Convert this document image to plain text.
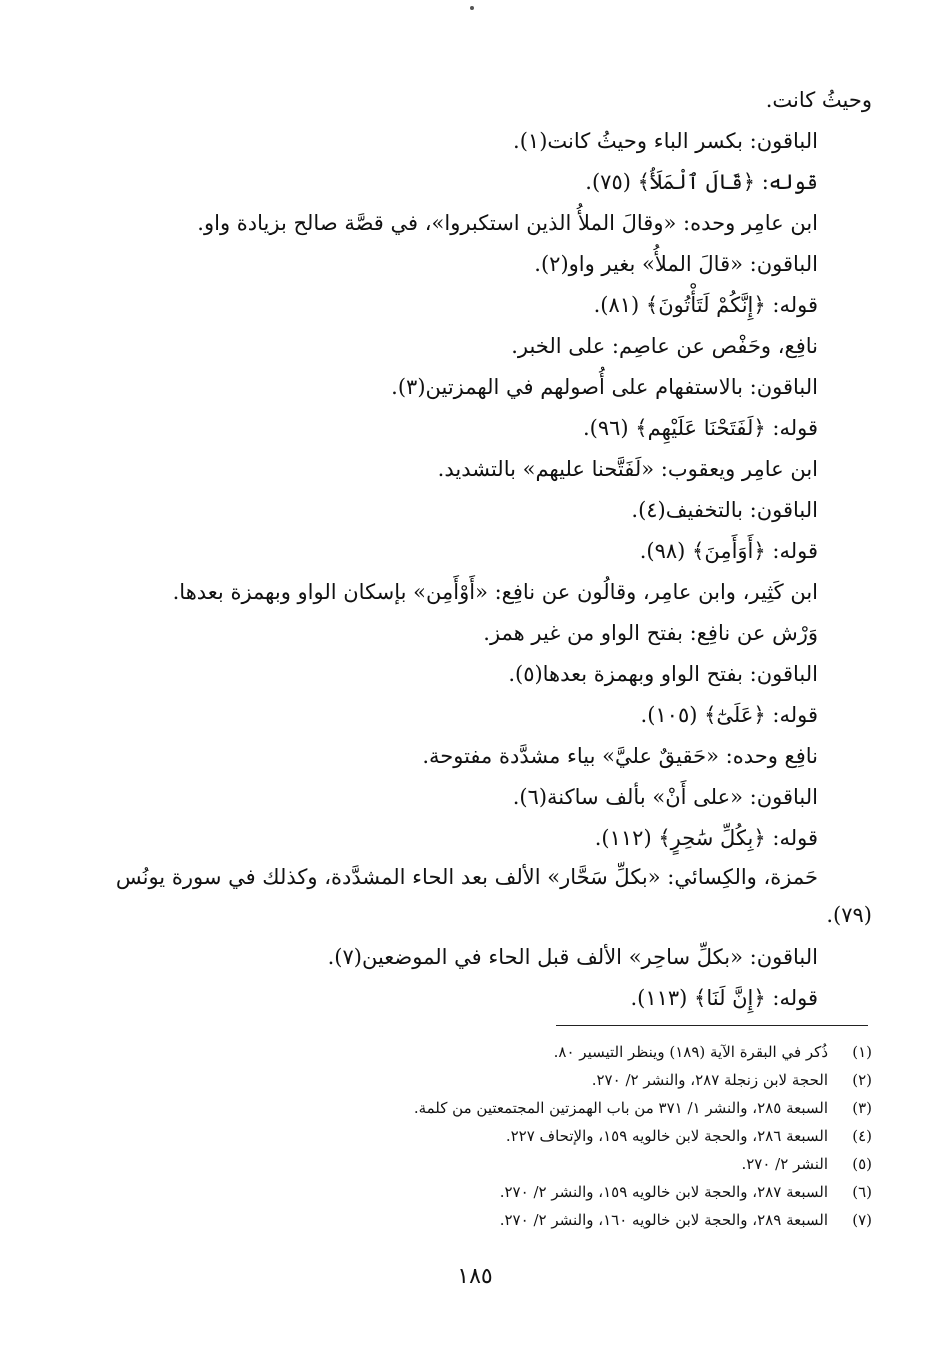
وحيثُ كانت.
الباقون: بكسر الباء وحيثُ كانت(١).
قوله: ﴿قَالَ ٱلْمَلَأُ﴾ (٧٥).
ابن عامِر وحده: «وقالَ الملأُ الذين استكبروا»، في قصَّة صالح بزيادة واو.
الباقون: «قالَ الملأُ» بغير واو(٢).
قوله: ﴿إِنَّكُمْ لَتَأْتُونَ﴾ (٨١).
نافِع، وحَفْص عن عاصِم: على الخبر.
الباقون: بالاستفهام على أُصولهم في الهمزتين(٣).
قوله: ﴿لَفَتَحْنَا عَلَيْهِم﴾ (٩٦).
ابن عامِر ويعقوب: «لَفَتَّحنا عليهم» بالتشديد.
الباقون: بالتخفيف(٤).
قوله: ﴿أَوَأَمِنَ﴾ (٩٨).
ابن كَثِير، وابن عامِر، وقالُون عن نافِع: «أَوْأَمِن» بإسكان الواو وبهمزة بعدها.
وَرْش عن نافِع: بفتح الواو من غير همز.
الباقون: بفتح الواو وبهمزة بعدها(٥).
قوله: ﴿عَلَىٰٓ﴾ (١٠٥).
نافِع وحده: «حَقيقٌ عليَّ» بياء مشدَّدة مفتوحة.
الباقون: «على أَنْ» بألف ساكنة(٦).
قوله: ﴿بِكُلِّ سَٰحِرٍ﴾ (١١٢).
حَمزة، والكِسائي: «بكلِّ سَحَّار» الألف بعد الحاء المشدَّدة، وكذلك في سورة يونُس
(٧٩).
الباقون: «بكلِّ ساحِر» الألف قبل الحاء في الموضعين(٧).
قوله: ﴿إِنَّ لَنَا﴾ (١١٣).
(١)ذُكر في البقرة الآية (١٨٩) وينظر التيسير ٨٠.
(٢)الحجة لابن زنجلة ٢٨٧، والنشر ٢/ ٢٧٠.
(٣)السبعة ٢٨٥، والنشر ١/ ٣٧١ من باب الهمزتين المجتمعتين من كلمة.
(٤)السبعة ٢٨٦، والحجة لابن خالويه ١٥٩، والإتحاف ٢٢٧.
(٥)النشر ٢/ ٢٧٠.
(٦)السبعة ٢٨٧، والحجة لابن خالويه ١٥٩، والنشر ٢/ ٢٧٠.
(٧)السبعة ٢٨٩، والحجة لابن خالويه ١٦٠، والنشر ٢/ ٢٧٠.
١٨٥
